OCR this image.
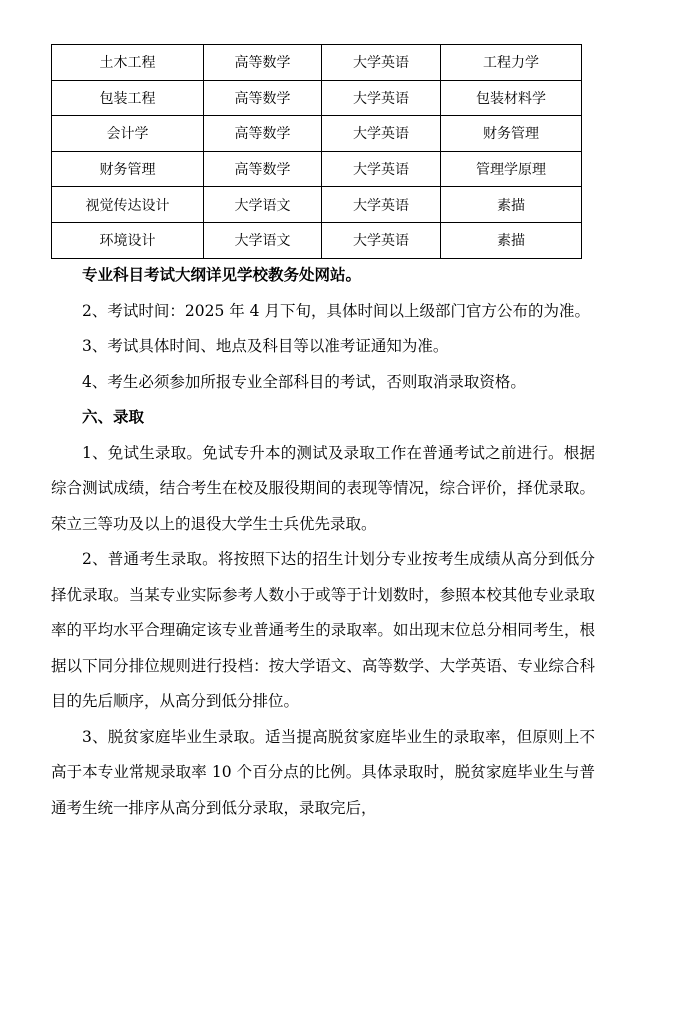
土木工程	高等数学	大学英语	工程力学
包装工程	高等数学	大学英语	包装材料学
会计学	高等数学	大学英语	财务管理
财务管理	高等数学	大学英语	管理学原理
视觉传达设计	大学语文	大学英语	素描
环境设计	大学语文	大学英语	素描

专业科目考试大纲详见学校教务处网站。

2、考试时间：2025 年 4 月下旬，具体时间以上级部门官方公布的为准。

3、考试具体时间、地点及科目等以准考证通知为准。

4、考生必须参加所报专业全部科目的考试，否则取消录取资格。

六、录取

1、免试生录取。免试专升本的测试及录取工作在普通考试之前进行。根据综合测试成绩，结合考生在校及服役期间的表现等情况，综合评价，择优录取。荣立三等功及以上的退役大学生士兵优先录取。

2、普通考生录取。将按照下达的招生计划分专业按考生成绩从高分到低分择优录取。当某专业实际参考人数小于或等于计划数时，参照本校其他专业录取率的平均水平合理确定该专业普通考生的录取率。如出现末位总分相同考生，根据以下同分排位规则进行投档：按大学语文、高等数学、大学英语、专业综合科目的先后顺序，从高分到低分排位。

3、脱贫家庭毕业生录取。适当提高脱贫家庭毕业生的录取率，但原则上不高于本专业常规录取率 10 个百分点的比例。具体录取时，脱贫家庭毕业生与普通考生统一排序从高分到低分录取，录取完后，
